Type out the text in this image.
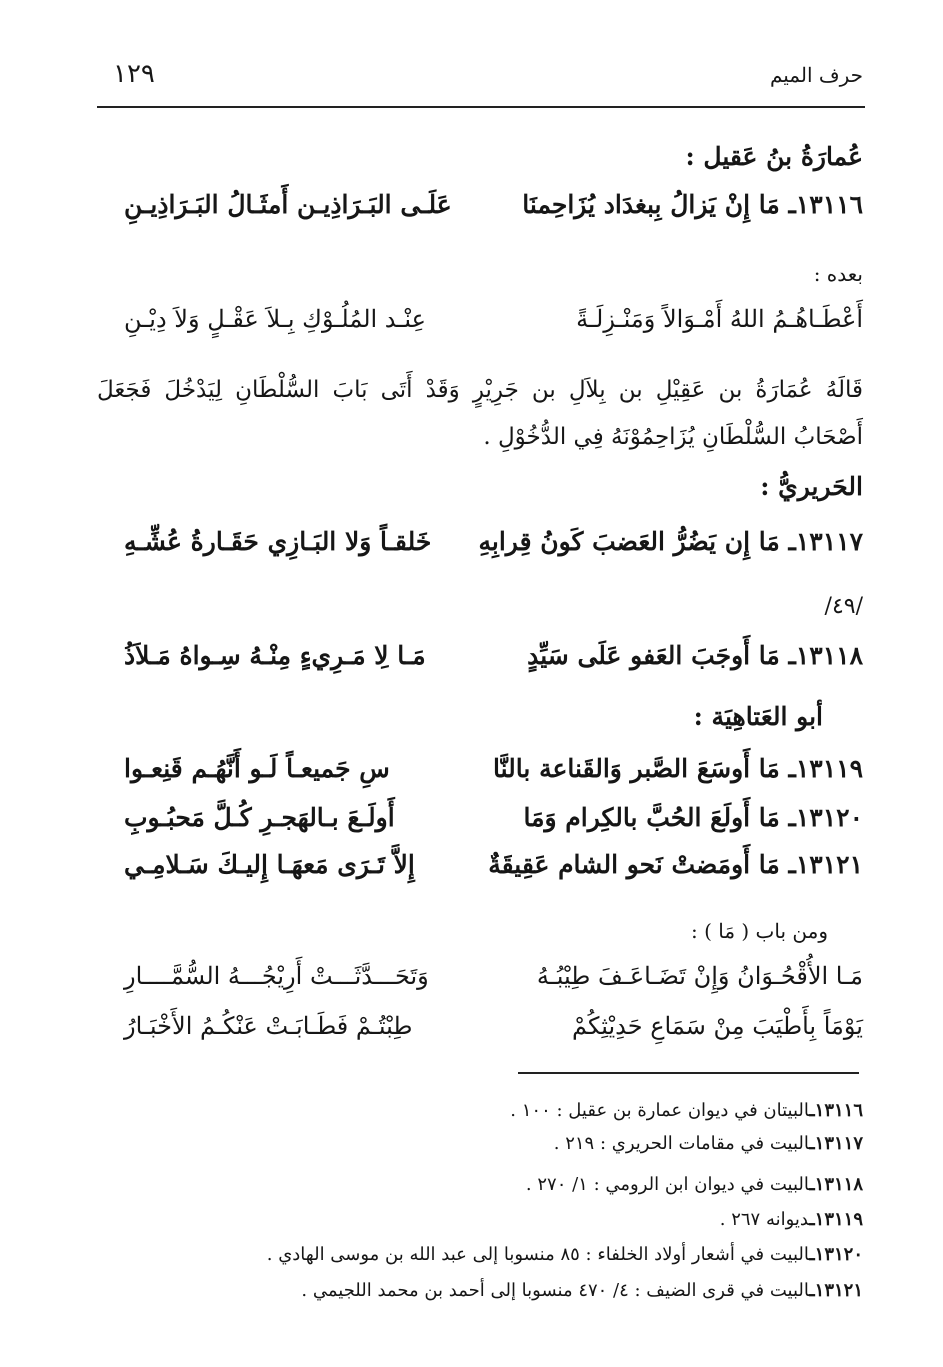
حرف الميم
١٢٩
عُمارَةُ بنُ عَقيل :
١٣١١٦ـ مَا إِنْ يَزالُ بِبغدَاد يُزَاحِمنَا
عَلَـى البَـرَاذِيـن أَمثَـالُ البَـرَاذِيـنِ
بعده :
أَعْطَـاهُـمُ اللهُ أَمْـوَالاً وَمَنْـزِلَـةً
عِنْـد المُلُـوْكِ بِـلاَ عَقْـلٍ وَلاَ دِيْـنِ
قَالَهُ عُمَارَةُ بن عَقِيْلِ بن بِلاَلِ بن جَرِيْرٍ وَقَدْ أَتَى بَابَ السُّلْطَانِ لِيَدْخُلَ فَجَعَلَ أَصْحَابُ السُّلْطَانِ يُزَاحِمُوْنَهُ فِي الدُّخُوْلِ .
الحَريريُّ :
١٣١١٧ـ مَا إِن يَضُرُّ العَضبَ كَونُ قِرابِهِ
خَلقـاً وَلا البَـازِي حَقَـارةُ عُشِّـهِ
/٤٩/
١٣١١٨ـ مَا أَوجَبَ العَفو عَلَى سَيِّدٍ
مَـا لِا مَـرِيءٍ مِنْـهُ سِـواهُ مَـلاَذُ
أبو العَتاهِيَة :
١٣١١٩ـ مَا أَوسَعَ الصَّبر وَالقَناعة بالنَّا
سِ جَميعـاً لَـو أَنَّهُـم قَنِعـوا
١٣١٢٠ـ مَا أَولَعَ الحُبَّ بالكِرام وَمَا
أَولَـعَ بـالهَجـرِ كُـلَّ مَحبُـوبِ
١٣١٢١ـ مَا أَومَضتْ نَحو الشام عَقِيقَةٌ
إِلاَّ تَـرَى مَعهَـا إِليـكَ سَـلامِـي
ومن باب ( مَا ) :
مَـا الأُقْحُـوَانُ وَإِنْ تَضَـاعَـفَ طِيْبُـهُ
وَتَحَـــدَّثَـــتْ أَرِيْجُـــهُ السُّمَّــــارِ
يَوْمَاً بِأَطْيَبَ مِنْ سَمَاعِ حَدِيْثِكُمْ
طِبْتُـمْ فَطَـابَـتْ عَنْكُـمُ الأَخْبَـارُ
١٣١١٦ـالبيتان في ديوان عمارة بن عقيل : ١٠٠ .
١٣١١٧ـالبيت في مقامات الحريري : ٢١٩ .
١٣١١٨ـالبيت في ديوان ابن الرومي : ١/ ٢٧٠ .
١٣١١٩ـديوانه ٢٦٧ .
١٣١٢٠ـالبيت في أشعار أولاد الخلفاء : ٨٥ منسوبا إلى عبد الله بن موسى الهادي .
١٣١٢١ـالبيت في قرى الضيف : ٤/ ٤٧٠ منسوبا إلى أحمد بن محمد اللجيمي .
